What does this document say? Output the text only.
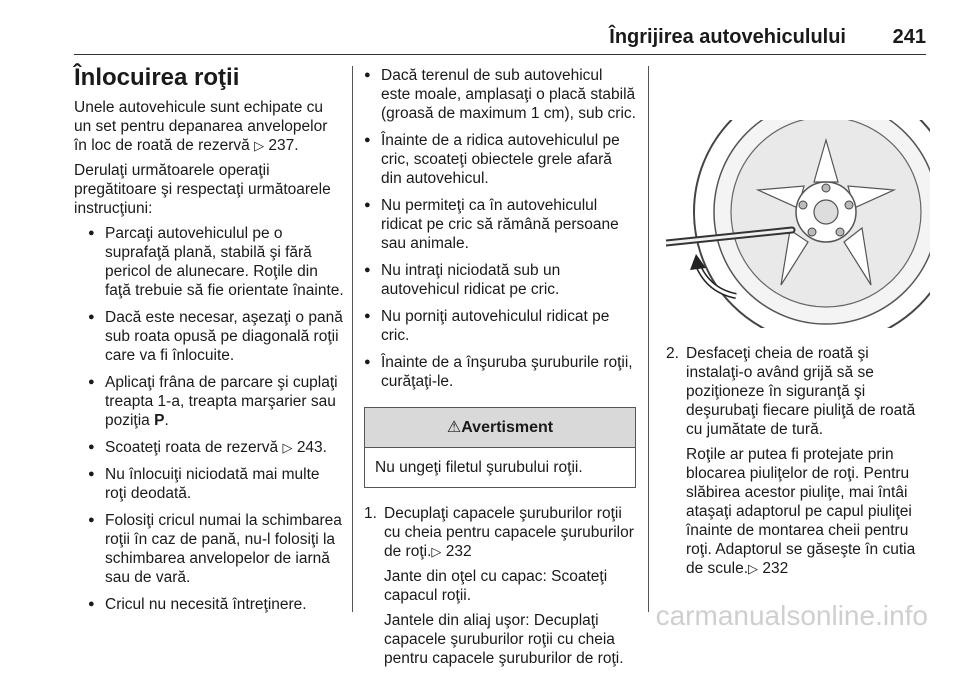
Îngrijirea autovehiculului 241
Înlocuirea roţii

Unele autovehicule sunt echipate cu un set pentru depanarea anvelopelor în loc de roată de rezervă ▷ 237.

Derulaţi următoarele operaţii pregătitoare şi respectaţi următoarele instrucţiuni:

● Parcaţi autovehiculul pe o suprafaţă plană, stabilă şi fără pericol de alunecare. Roţile din faţă trebuie să fie orientate înainte.
● Dacă este necesar, aşezaţi o pană sub roata opusă pe diagonală roţii care va fi înlocuite.
● Aplicaţi frâna de parcare şi cuplaţi treapta 1-a, treapta marşarier sau poziţia P.
● Scoateţi roata de rezervă ▷ 243.
● Nu înlocuiţi niciodată mai multe roţi deodată.
● Folosiţi cricul numai la schimbarea roţii în caz de pană, nu-l folosiţi la schimbarea anvelopelor de iarnă sau de vară.
● Cricul nu necesită întreţinere.
● Dacă terenul de sub autovehicul este moale, amplasaţi o placă stabilă (groasă de maximum 1 cm), sub cric.
● Înainte de a ridica autovehiculul pe cric, scoateţi obiectele grele afară din autovehicul.
● Nu permiteţi ca în autovehiculul ridicat pe cric să rămână persoane sau animale.
● Nu intraţi niciodată sub un autovehicul ridicat pe cric.
● Nu porniţi autovehiculul ridicat pe cric.
● Înainte de a înşuruba şuruburile roţii, curăţaţi-le.
⚠Avertisment
Nu ungeţi filetul şurubului roţii.
1. Decuplaţi capacele şuruburilor roţii cu cheia pentru capacele şuruburilor de roţi.▷ 232

Jante din oţel cu capac: Scoateţi capacul roţii.

Jantele din aliaj uşor: Decuplaţi capacele şuruburilor roţii cu cheia pentru capacele şuruburilor de roţi.

2. Desfaceţi cheia de roată şi instalaţi-o având grijă să se poziţioneze în siguranţă şi deşurubaţi fiecare piuliţă de roată cu jumătate de tură.

Roţile ar putea fi protejate prin blocarea piuliţelor de roţi. Pentru slăbirea acestor piuliţe, mai întâi ataşaţi adaptorul pe capul piuliţei înainte de montarea cheii pentru roţi. Adaptorul se găseşte în cutia de scule.▷ 232

carmanualsonline.info
